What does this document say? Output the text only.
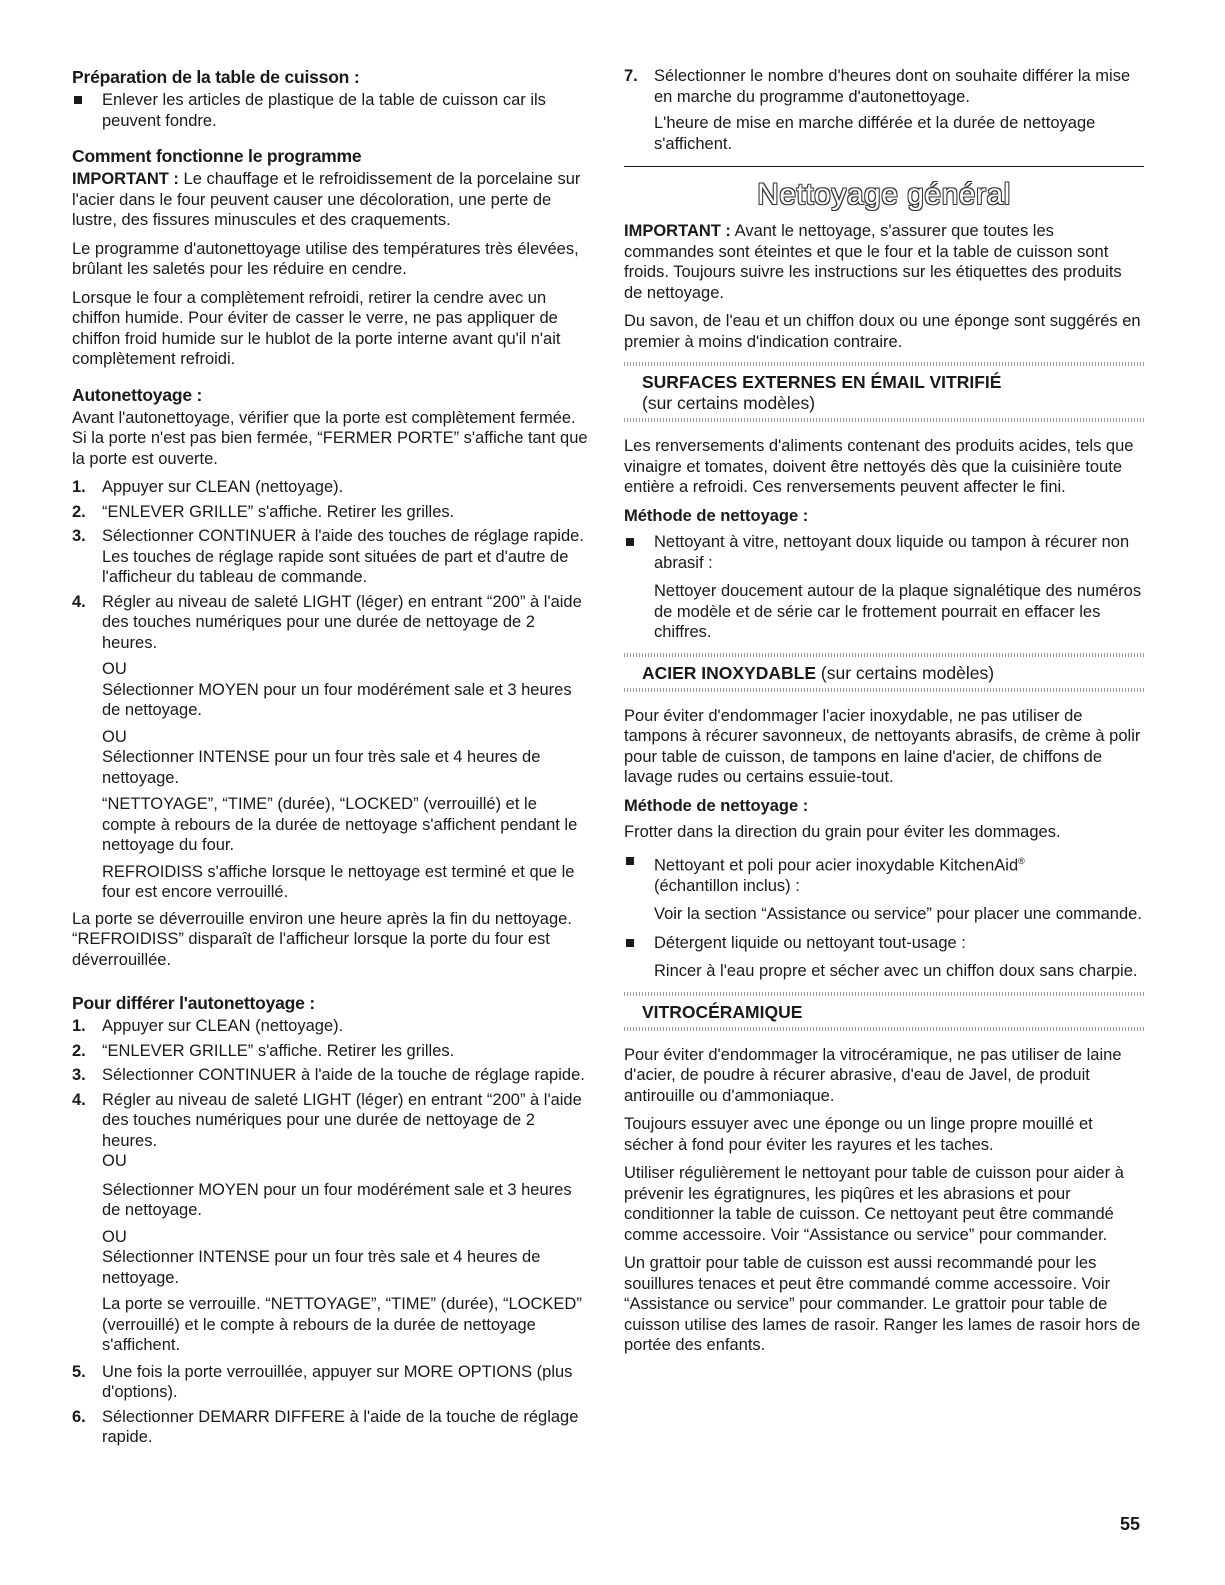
Préparation de la table de cuisson :

Enlever les articles de plastique de la table de cuisson car ils peuvent fondre.

Comment fonctionne le programme

IMPORTANT : Le chauffage et le refroidissement de la porcelaine sur l'acier dans le four peuvent causer une décoloration, une perte de lustre, des fissures minuscules et des craquements.

Le programme d'autonettoyage utilise des températures très élevées, brûlant les saletés pour les réduire en cendre.

Lorsque le four a complètement refroidi, retirer la cendre avec un chiffon humide. Pour éviter de casser le verre, ne pas appliquer de chiffon froid humide sur le hublot de la porte interne avant qu'il n'ait complètement refroidi.

Autonettoyage :

Avant l'autonettoyage, vérifier que la porte est complètement fermée. Si la porte n'est pas bien fermée, “FERMER PORTE” s'affiche tant que la porte est ouverte.

1. Appuyer sur CLEAN (nettoyage).

2. “ENLEVER GRILLE” s'affiche. Retirer les grilles.

3. Sélectionner CONTINUER à l'aide des touches de réglage rapide. Les touches de réglage rapide sont situées de part et d'autre de l'afficheur du tableau de commande.

4. Régler au niveau de saleté LIGHT (léger) en entrant “200” à l'aide des touches numériques pour une durée de nettoyage de 2 heures.

OU

Sélectionner MOYEN pour un four modérément sale et 3 heures de nettoyage.

OU

Sélectionner INTENSE pour un four très sale et 4 heures de nettoyage.

“NETTOYAGE”, “TIME” (durée), “LOCKED” (verrouillé) et le compte à rebours de la durée de nettoyage s'affichent pendant le nettoyage du four.

REFROIDISS s'affiche lorsque le nettoyage est terminé et que le four est encore verrouillé.

La porte se déverrouille environ une heure après la fin du nettoyage. “REFROIDISS” disparaît de l'afficheur lorsque la porte du four est déverrouillée.

Pour différer l'autonettoyage :
1. Appuyer sur CLEAN (nettoyage).

2. “ENLEVER GRILLE” s'affiche. Retirer les grilles.

3. Sélectionner CONTINUER à l'aide de la touche de réglage rapide.

4. Régler au niveau de saleté LIGHT (léger) en entrant “200” à l'aide des touches numériques pour une durée de nettoyage de 2 heures.

OU

Sélectionner MOYEN pour un four modérément sale et 3 heures de nettoyage.

OU

Sélectionner INTENSE pour un four très sale et 4 heures de nettoyage.

La porte se verrouille. “NETTOYAGE”, “TIME” (durée), “LOCKED” (verrouillé) et le compte à rebours de la durée de nettoyage s'affichent.

5. Une fois la porte verrouillée, appuyer sur MORE OPTIONS (plus d'options).

6. Sélectionner DEMARR DIFFERE à l'aide de la touche de réglage rapide.

7. Sélectionner le nombre d'heures dont on souhaite différer la mise en marche du programme d'autonettoyage.

L'heure de mise en marche différée et la durée de nettoyage s'affichent.

Nettoyage général

IMPORTANT : Avant le nettoyage, s'assurer que toutes les commandes sont éteintes et que le four et la table de cuisson sont froids. Toujours suivre les instructions sur les étiquettes des produits de nettoyage.

Du savon, de l'eau et un chiffon doux ou une éponge sont suggérés en premier à moins d'indication contraire.

SURFACES EXTERNES EN ÉMAIL VITRIFIÉ
(sur certains modèles)

Les renversements d'aliments contenant des produits acides, tels que vinaigre et tomates, doivent être nettoyés dès que la cuisinière toute entière a refroidi. Ces renversements peuvent affecter le fini.

Méthode de nettoyage :

Nettoyant à vitre, nettoyant doux liquide ou tampon à récurer non abrasif :

Nettoyer doucement autour de la plaque signalétique des numéros de modèle et de série car le frottement pourrait en effacer les chiffres.

ACIER INOXYDABLE (sur certains modèles)

Pour éviter d'endommager l'acier inoxydable, ne pas utiliser de tampons à récurer savonneux, de nettoyants abrasifs, de crème à polir pour table de cuisson, de tampons en laine d'acier, de chiffons de lavage rudes ou certains essuie-tout.

Méthode de nettoyage :

Frotter dans la direction du grain pour éviter les dommages.

Nettoyant et poli pour acier inoxydable KitchenAid®

(échantillon inclus) :

Voir la section “Assistance ou service” pour placer une commande.

Détergent liquide ou nettoyant tout-usage :

Rincer à l'eau propre et sécher avec un chiffon doux sans charpie.

VITROCÉRAMIQUE

Pour éviter d'endommager la vitrocéramique, ne pas utiliser de laine d'acier, de poudre à récurer abrasive, d'eau de Javel, de produit antirouille ou d'ammoniaque.

Toujours essuyer avec une éponge ou un linge propre mouillé et sécher à fond pour éviter les rayures et les taches.

Utiliser régulièrement le nettoyant pour table de cuisson pour aider à prévenir les égratignures, les piqûres et les abrasions et pour conditionner la table de cuisson. Ce nettoyant peut être commandé comme accessoire. Voir “Assistance ou service” pour commander.

Un grattoir pour table de cuisson est aussi recommandé pour les souillures tenaces et peut être commandé comme accessoire. Voir “Assistance ou service” pour commander. Le grattoir pour table de cuisson utilise des lames de rasoir. Ranger les lames de rasoir hors de portée des enfants.

55
